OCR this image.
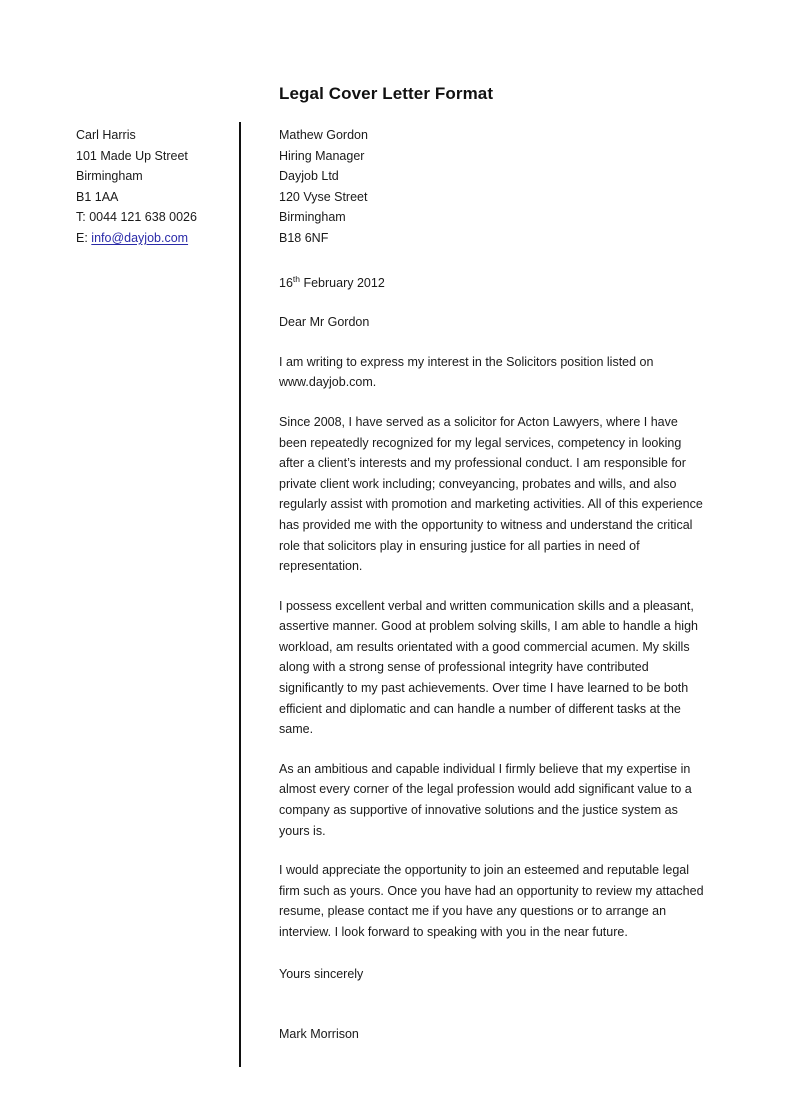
Legal Cover Letter Format
Carl Harris
101 Made Up Street
Birmingham
B1 1AA
T: 0044 121 638 0026
E: info@dayjob.com
Mathew Gordon
Hiring Manager
Dayjob Ltd
120 Vyse Street
Birmingham
B18 6NF
16th February 2012
Dear Mr Gordon
I am writing to express my interest in the Solicitors position listed on www.dayjob.com.
Since 2008, I have served as a solicitor for Acton Lawyers, where I have been repeatedly recognized for my legal services, competency in looking after a client’s interests and my professional conduct. I am responsible for private client work including; conveyancing, probates and wills, and also regularly assist with promotion and marketing activities. All of this experience has provided me with the opportunity to witness and understand the critical role that solicitors play in ensuring justice for all parties in need of representation.
I possess excellent verbal and written communication skills and a pleasant, assertive manner. Good at problem solving skills, I am able to handle a high workload, am results orientated with a good commercial acumen. My skills along with a strong sense of professional integrity have contributed significantly to my past achievements. Over time I have learned to be both efficient and diplomatic and can handle a number of different tasks at the same.
As an ambitious and capable individual I firmly believe that my expertise in almost every corner of the legal profession would add significant value to a company as supportive of innovative solutions and the justice system as yours is.
I would appreciate the opportunity to join an esteemed and reputable legal firm such as yours. Once you have had an opportunity to review my attached resume, please contact me if you have any questions or to arrange an interview. I look forward to speaking with you in the near future.
Yours sincerely
Mark Morrison
